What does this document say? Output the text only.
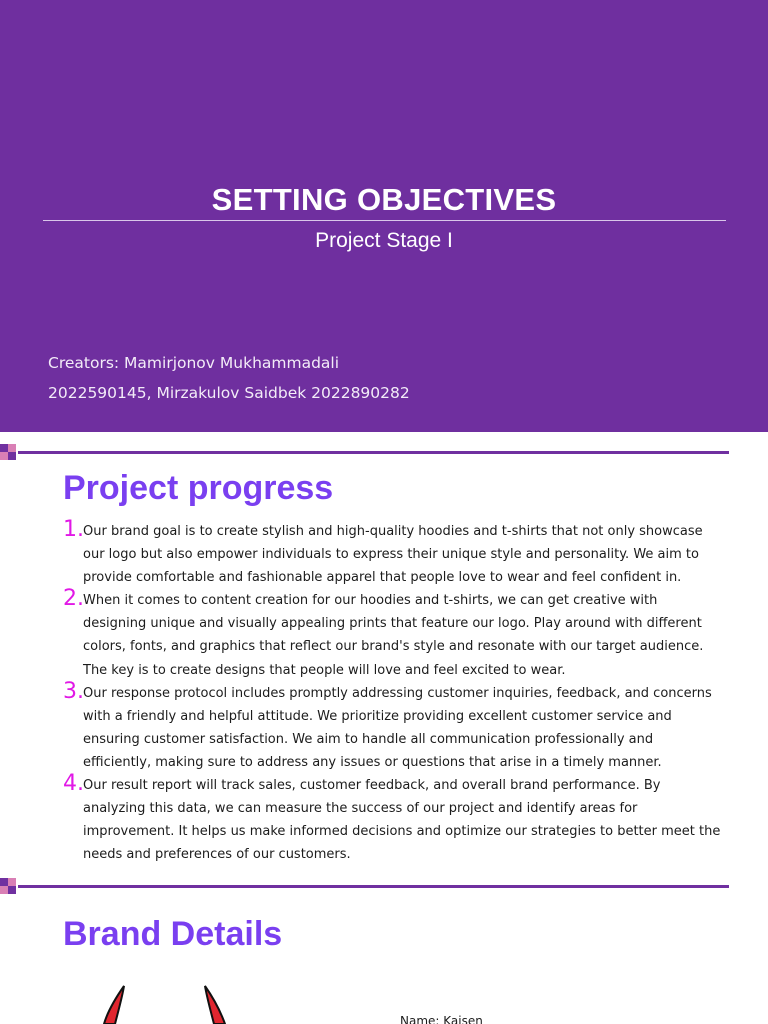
SETTING OBJECTIVES
Project Stage I
Creators: Mamirjonov Mukhammadali
2022590145, Mirzakulov Saidbek 2022890282
Project progress
1. Our brand goal is to create stylish and high-quality hoodies and t-shirts that not only showcase our logo but also empower individuals to express their unique style and personality. We aim to provide comfortable and fashionable apparel that people love to wear and feel confident in.
2. When it comes to content creation for our hoodies and t-shirts, we can get creative with designing unique and visually appealing prints that feature our logo. Play around with different colors, fonts, and graphics that reflect our brand's style and resonate with our target audience. The key is to create designs that people will love and feel excited to wear.
3. Our response protocol includes promptly addressing customer inquiries, feedback, and concerns with a friendly and helpful attitude. We prioritize providing excellent customer service and ensuring customer satisfaction. We aim to handle all communication professionally and efficiently, making sure to address any issues or questions that arise in a timely manner.
4. Our result report will track sales, customer feedback, and overall brand performance. By analyzing this data, we can measure the success of our project and identify areas for improvement. It helps us make informed decisions and optimize our strategies to better meet the needs and preferences of our customers.
Brand Details
Name: Kaisen
